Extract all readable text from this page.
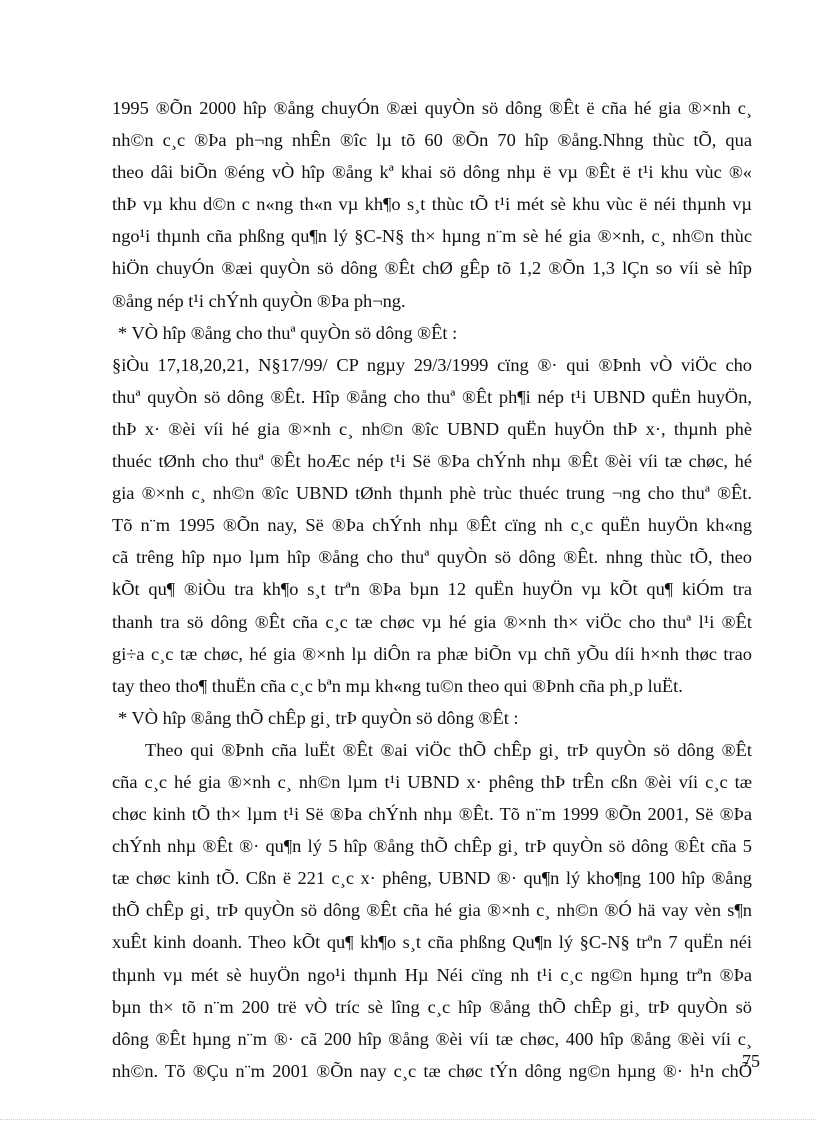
1995 ®Õn 2000 hîp ®ång chuyÓn ®æi quyÒn sö dông ®Êt ë cña hé gia ®×nh c¸
nh©n c¸c ®Þa ph¬ng nhÊn ®îc lµ tõ 60 ®Õn 70 hîp ®ång.Nhng thùc tÕ, qua
theo dâi biÕn ®éng vÒ hîp ®ång kª khai sö dông nhµ ë vµ ®Êt ë t¹i khu vùc ®«
thÞ vµ khu d©n c n«ng th«n vµ kh¶o s¸t thùc tÕ t¹i mét sè khu vùc ë néi thµnh vµ
ngo¹i thµnh cña phßng qu¶n lý §C-N§ th× hµng n¨m sè hé gia ®×nh, c¸ nh©n thùc
hiÖn chuyÓn ®æi quyÒn sö dông ®Êt chØ gÊp tõ 1,2 ®Õn 1,3 lÇn so víi sè hîp
®ång nép t¹i chÝnh quyÒn ®Þa ph¬ng.
* VÒ hîp ®ång cho thuª quyÒn sö dông ®Êt :
§iÒu 17,18,20,21, N§17/99/ CP ngµy 29/3/1999 cïng ®· qui ®Þnh vÒ viÖc cho
thuª quyÒn sö dông ®Êt. Hîp ®ång cho thuª ®Êt ph¶i nép t¹i UBND quËn huyÖn,
thÞ x· ®èi víi hé gia ®×nh c¸ nh©n ®îc UBND quËn huyÖn thÞ x·, thµnh phè
thuéc tØnh cho thuª ®Êt hoÆc nép t¹i Së ®Þa chÝnh nhµ ®Êt ®èi víi tæ chøc, hé
gia ®×nh c¸ nh©n ®îc UBND tØnh thµnh phè trùc thuéc trung ¬ng cho thuª ®Êt.
Tõ n¨m 1995 ®Õn nay, Së ®Þa chÝnh nhµ ®Êt cïng nh c¸c quËn huyÖn kh«ng
cã trêng hîp nµo lµm hîp ®ång cho thuª quyÒn sö dông ®Êt. nhng thùc tÕ, theo
kÕt qu¶ ®iÒu tra kh¶o s¸t trªn ®Þa bµn 12 quËn huyÖn vµ kÕt qu¶ kiÓm tra
thanh tra sö dông ®Êt cña c¸c tæ chøc vµ hé gia ®×nh th× viÖc cho thuª l¹i ®Êt
gi÷a c¸c tæ chøc, hé gia ®×nh lµ diÔn ra phæ biÕn vµ chñ yÕu díi h×nh thøc trao
tay theo tho¶ thuËn cña c¸c bªn mµ kh«ng tu©n theo qui ®Þnh cña ph¸p luËt.
* VÒ hîp ®ång thÕ chÊp gi¸ trÞ quyÒn sö dông ®Êt :
Theo qui ®Þnh cña luËt ®Êt ®ai viÖc thÕ chÊp gi¸ trÞ quyÒn sö dông ®Êt
cña c¸c hé gia ®×nh c¸ nh©n lµm t¹i UBND x· phêng thÞ trÊn cßn ®èi víi c¸c tæ
chøc kinh tÕ th× lµm t¹i Së ®Þa chÝnh nhµ ®Êt. Tõ n¨m 1999 ®Õn 2001, Së ®Þa
chÝnh nhµ ®Êt ®· qu¶n lý 5 hîp ®ång thÕ chÊp gi¸ trÞ quyÒn sö dông ®Êt cña 5
tæ chøc kinh tÕ. Cßn ë 221 c¸c x· phêng, UBND ®· qu¶n lý kho¶ng 100 hîp ®ång
thÕ chÊp gi¸ trÞ quyÒn sö dông ®Êt cña hé gia ®×nh c¸ nh©n ®Ó hä vay vèn s¶n
xuÊt kinh doanh. Theo kÕt qu¶ kh¶o s¸t cña phßng Qu¶n lý §C-N§ trªn 7 quËn néi
thµnh vµ mét sè huyÖn ngo¹i thµnh Hµ Néi cïng nh t¹i c¸c ng©n hµng trªn ®Þa
bµn th× tõ n¨m 200 trë vÒ tríc sè lîng c¸c hîp ®ång thÕ chÊp gi¸ trÞ quyÒn sö
dông ®Êt hµng n¨m ®· cã 200 hîp ®ång ®èi víi tæ chøc, 400 hîp ®ång ®èi víi c¸
nh©n. Tõ ®Çu n¨m 2001 ®Õn nay c¸c tæ chøc tÝn dông ng©n hµng ®· h¹n chÕ
75
